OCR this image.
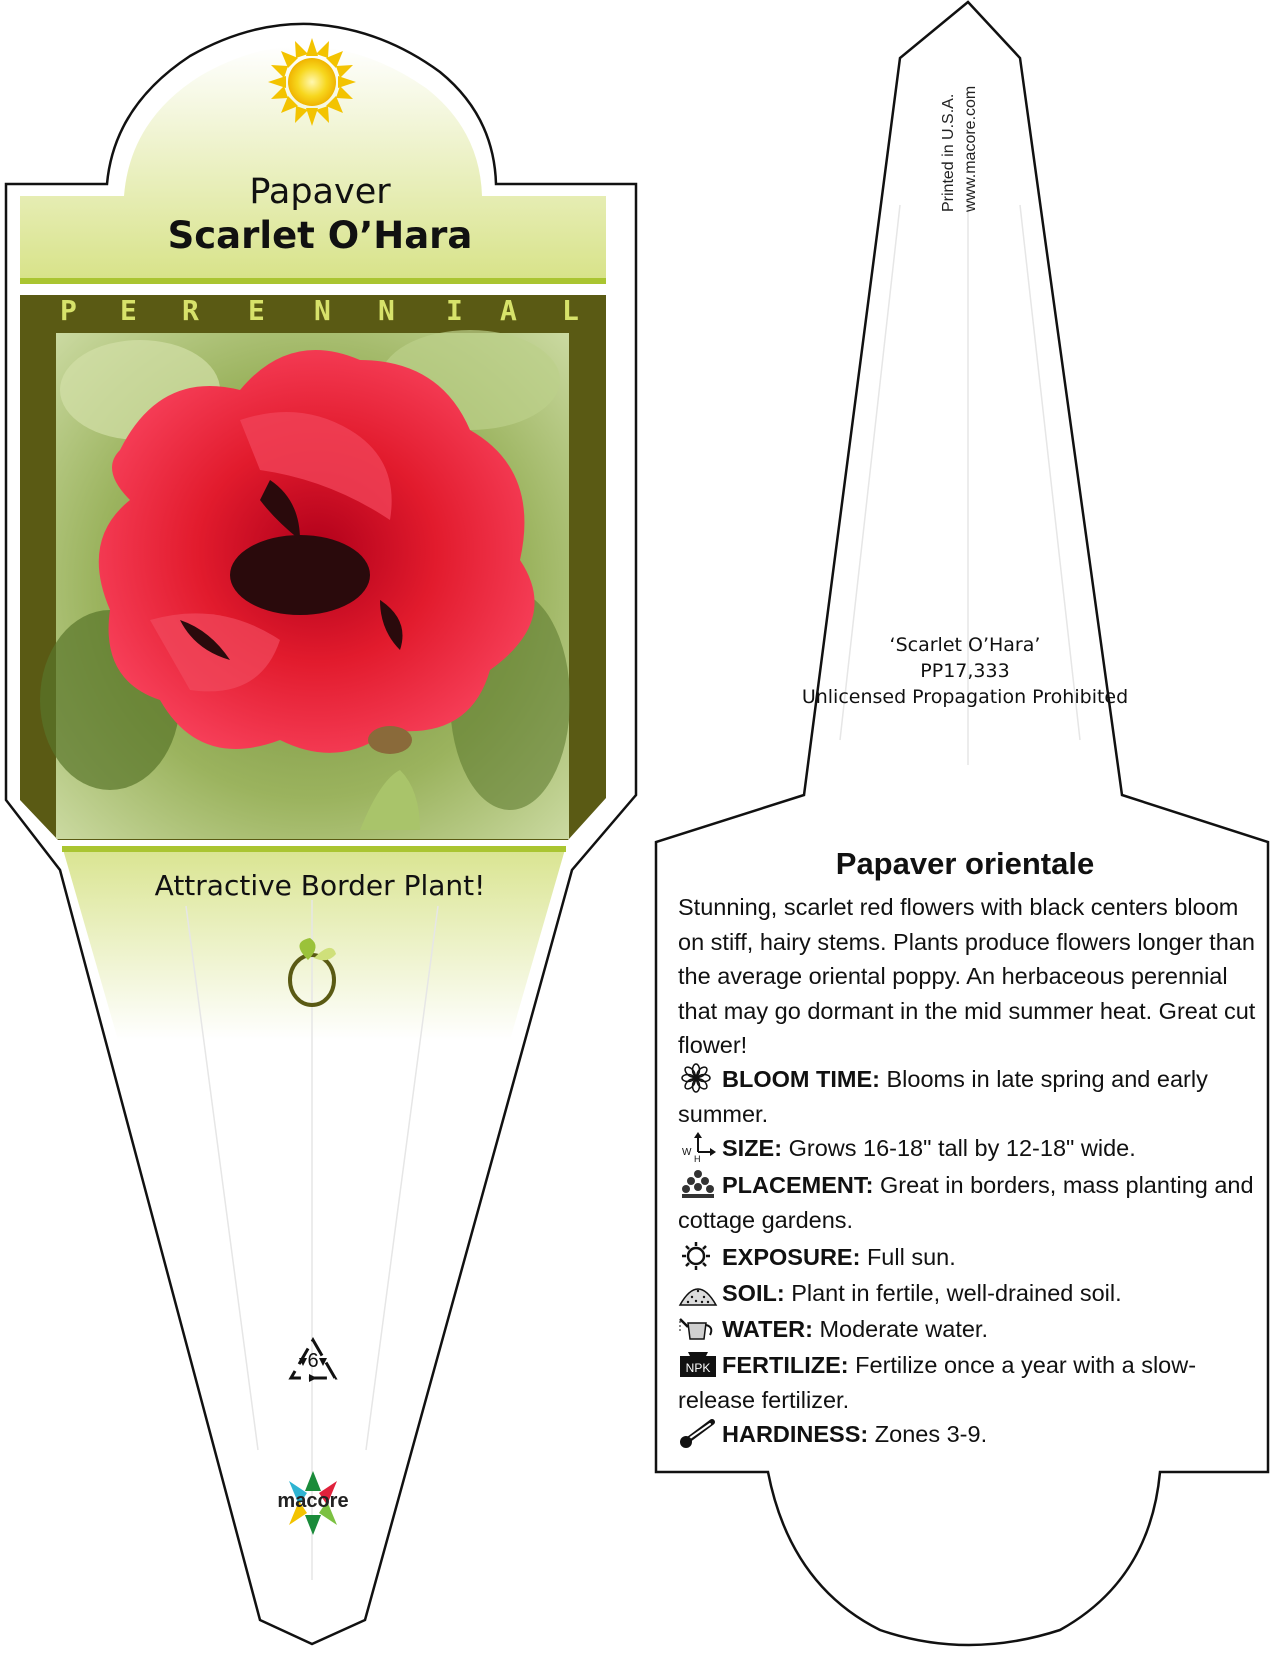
Papaver
Scarlet O’Hara
P E R E N N I A L
Attractive Border Plant!
6
macore
Printed in U.S.A. www.macore.com
‘Scarlet O’Hara’
PP17,333
Unlicensed Propagation Prohibited
Papaver orientale
Stunning, scarlet red flowers with black centers bloom on stiff, hairy stems. Plants produce flowers longer than the average oriental poppy. An herbaceous perennial that may go dormant in the mid summer heat. Great cut flower!
BLOOM TIME: Blooms in late spring and early summer.
W
H SIZE: Grows 16-18" tall by 12-18" wide.
PLACEMENT: Great in borders, mass planting and cottage gardens.
EXPOSURE: Full sun.
SOIL: Plant in fertile, well-drained soil.
WATER: Moderate water.
NPK FERTILIZE: Fertilize once a year with a slow-release fertilizer.
HARDINESS: Zones 3-9.
